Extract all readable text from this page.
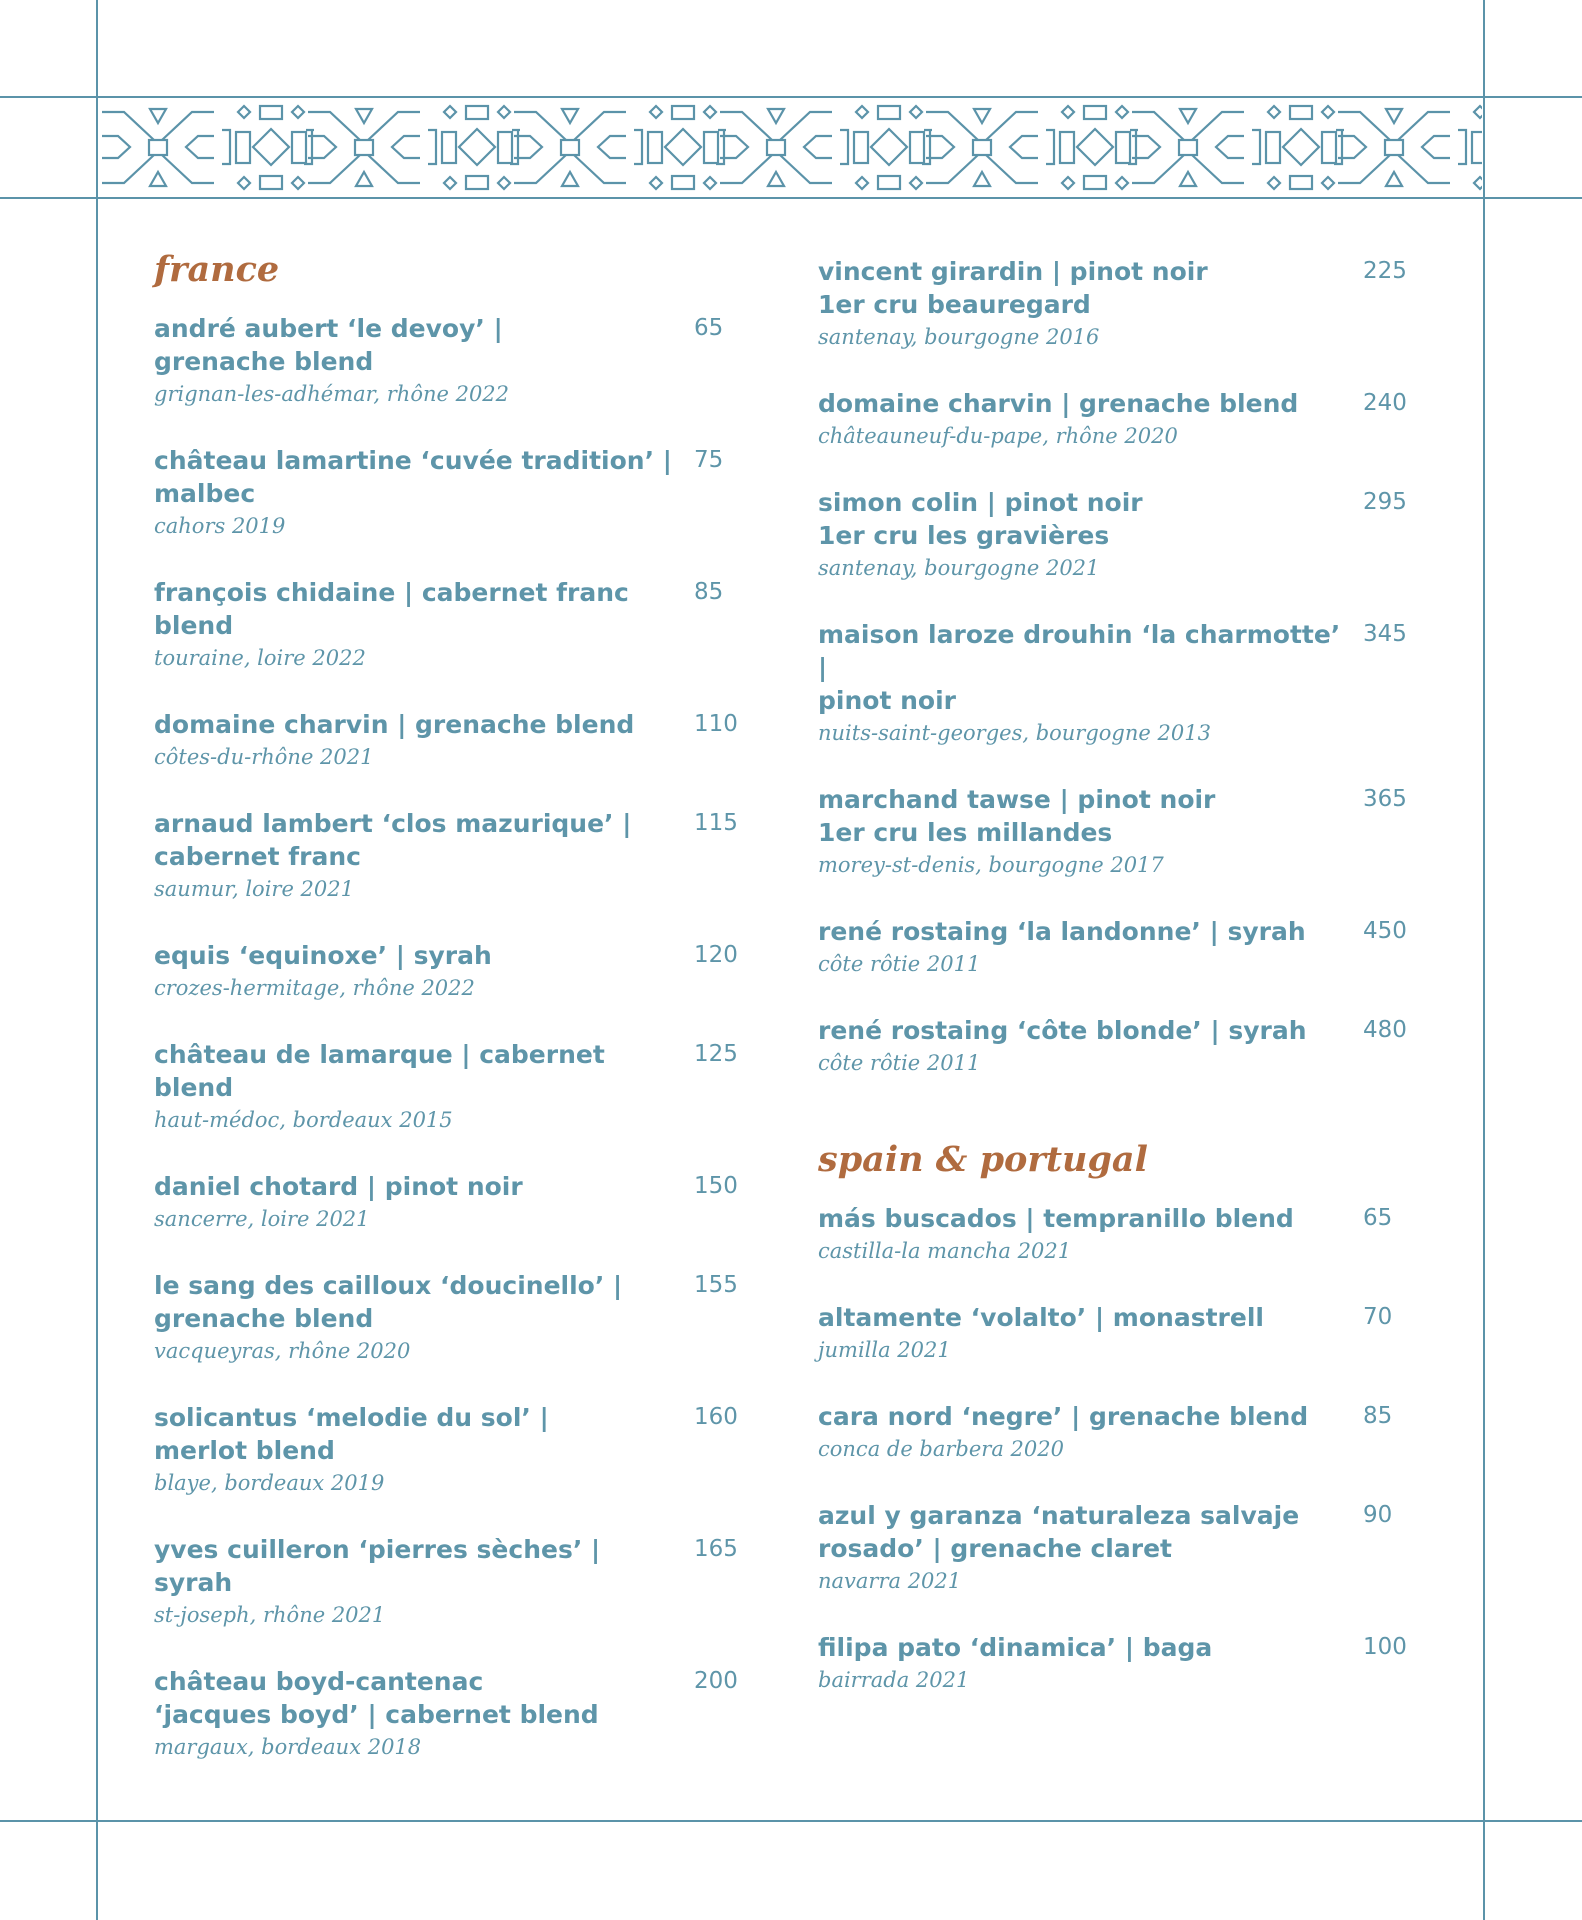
france
andré aubert ‘le devoy’ |
grenache blend
grignan-les-adhémar, rhône 2022
65
château lamartine ‘cuvée tradition’ |
malbec
cahors 2019
75
françois chidaine | cabernet franc blend
touraine, loire 2022
85
domaine charvin | grenache blend
côtes-du-rhône 2021
110
arnaud lambert ‘clos mazurique’ |
cabernet franc
saumur, loire 2021
115
equis ‘equinoxe’ | syrah
crozes-hermitage, rhône 2022
120
château de lamarque | cabernet blend
haut-médoc, bordeaux 2015
125
daniel chotard | pinot noir
sancerre, loire 2021
150
le sang des cailloux ‘doucinello’ |
grenache blend
vacqueyras, rhône 2020
155
solicantus ‘melodie du sol’ |
merlot blend
blaye, bordeaux 2019
160
yves cuilleron ‘pierres sèches’ | syrah
st-joseph, rhône 2021
165
château boyd-cantenac
‘jacques boyd’ | cabernet blend
margaux, bordeaux 2018
200
vincent girardin | pinot noir
1er cru beauregard
santenay, bourgogne 2016
225
domaine charvin | grenache blend
châteauneuf-du-pape, rhône 2020
240
simon colin | pinot noir
1er cru les gravières
santenay, bourgogne 2021
295
maison laroze drouhin ‘la charmotte’ |
pinot noir
nuits-saint-georges, bourgogne 2013
345
marchand tawse | pinot noir
1er cru les millandes
morey-st-denis, bourgogne 2017
365
rené rostaing ‘la landonne’ | syrah
côte rôtie 2011
450
rené rostaing ‘côte blonde’ | syrah
côte rôtie 2011
480
spain & portugal
más buscados | tempranillo blend
castilla-la mancha 2021
65
altamente ‘volalto’ | monastrell
jumilla 2021
70
cara nord ‘negre’ | grenache blend
conca de barbera 2020
85
azul y garanza ‘naturaleza salvaje
rosado’ | grenache claret
navarra 2021
90
filipa pato ‘dinamica’ | baga
bairrada 2021
100
